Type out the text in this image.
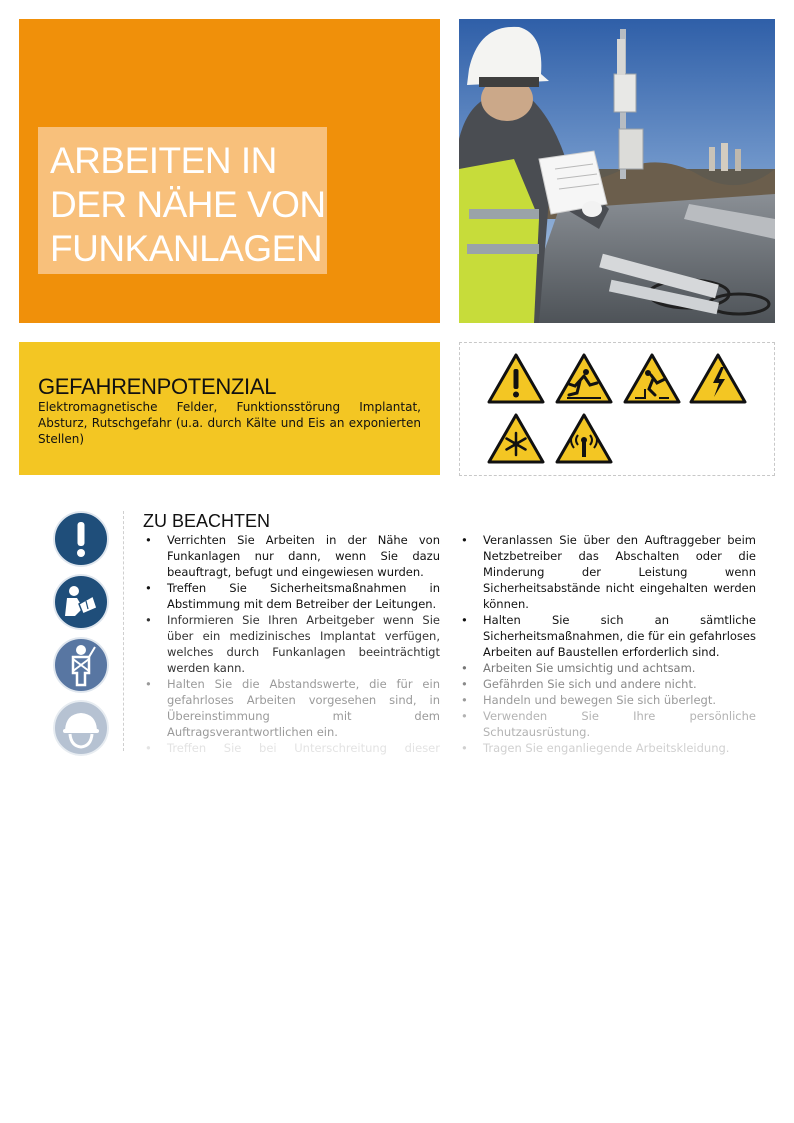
ARBEITEN IN
DER NÄHE VON
FUNKANLAGEN
GEFAHRENPOTENZIAL
Elektromagnetische Felder, Funktionsstörung Implantat, Absturz, Rutschgefahr (u.a. durch Kälte und Eis an exponierten Stellen)
ZU BEACHTEN
• Verrichten Sie Arbeiten in der Nähe von Funkanlagen nur dann, wenn Sie dazu beauftragt, befugt und eingewiesen wurden.
• Treffen Sie Sicherheitsmaßnahmen in Abstimmung mit dem Betreiber der Leitungen.
• Informieren Sie Ihren Arbeitgeber wenn Sie über ein medizinisches Implantat verfügen, welches durch Funkanlagen beeinträchtigt werden kann.
• Halten Sie die Abstandswerte, die für ein gefahrloses Arbeiten vorgesehen sind, in Übereinstimmung mit dem Auftragsverantwortlichen ein.
• Treffen Sie bei Unterschreitung dieser
• Veranlassen Sie über den Auftraggeber beim Netzbetreiber das Abschalten oder die Minderung der Leistung wenn Sicherheitsabstände nicht eingehalten werden können.
• Halten Sie sich an sämtliche Sicherheitsmaßnahmen, die für ein gefahrloses Arbeiten auf Baustellen erforderlich sind.
• Arbeiten Sie umsichtig und achtsam.
• Gefährden Sie sich und andere nicht.
• Handeln und bewegen Sie sich überlegt.
• Verwenden Sie Ihre persönliche Schutzausrüstung.
• Tragen Sie enganliegende Arbeitskleidung.
